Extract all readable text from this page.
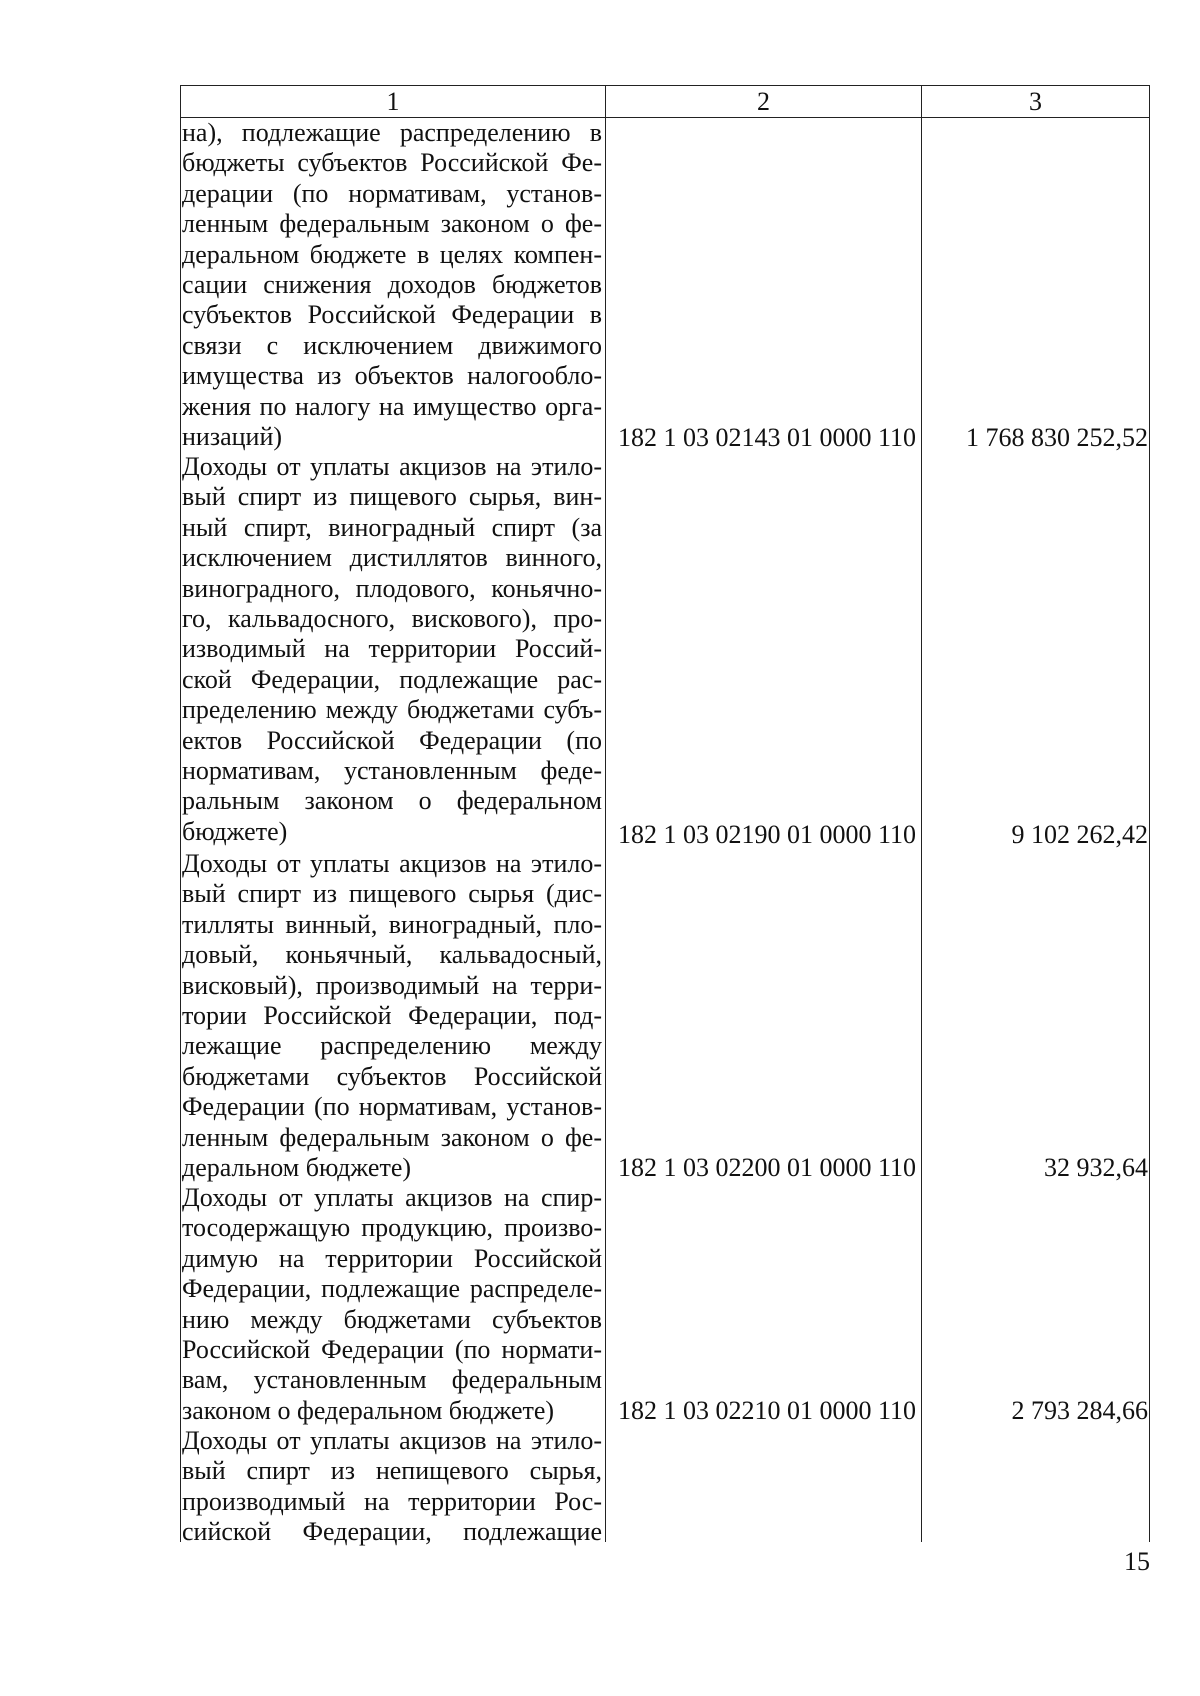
1	2	3
на), подлежащие распределению в
бюджеты субъектов Российской Фе-
дерации (по нормативам, установ-
ленным федеральным законом о фе-
деральном бюджете в целях компен-
сации снижения доходов бюджетов
субъектов Российской Федерации в
связи с исключением движимого
имущества из объектов налогообло-
жения по налогу на имущество орга-
низаций)	182 1 03 02143 01 0000 110	1 768 830 252,52
Доходы от уплаты акцизов на этило-
вый спирт из пищевого сырья, вин-
ный спирт, виноградный спирт (за
исключением дистиллятов винного,
виноградного, плодового, коньячно-
го, кальвадосного, вискового), про-
изводимый на территории Россий-
ской Федерации, подлежащие рас-
пределению между бюджетами субъ-
ектов Российской Федерации (по
нормативам, установленным феде-
ральным законом о федеральном
бюджете)	182 1 03 02190 01 0000 110	9 102 262,42
Доходы от уплаты акцизов на этило-
вый спирт из пищевого сырья (дис-
тилляты винный, виноградный, пло-
довый, коньячный, кальвадосный,
висковый), производимый на терри-
тории Российской Федерации, под-
лежащие распределению между
бюджетами субъектов Российской
Федерации (по нормативам, установ-
ленным федеральным законом о фе-
деральном бюджете)	182 1 03 02200 01 0000 110	32 932,64
Доходы от уплаты акцизов на спир-
тосодержащую продукцию, произво-
димую на территории Российской
Федерации, подлежащие распределе-
нию между бюджетами субъектов
Российской Федерации (по нормати-
вам, установленным федеральным
законом о федеральном бюджете)	182 1 03 02210 01 0000 110	2 793 284,66
Доходы от уплаты акцизов на этило-
вый спирт из непищевого сырья,
производимый на территории Рос-
сийской Федерации, подлежащие
15
